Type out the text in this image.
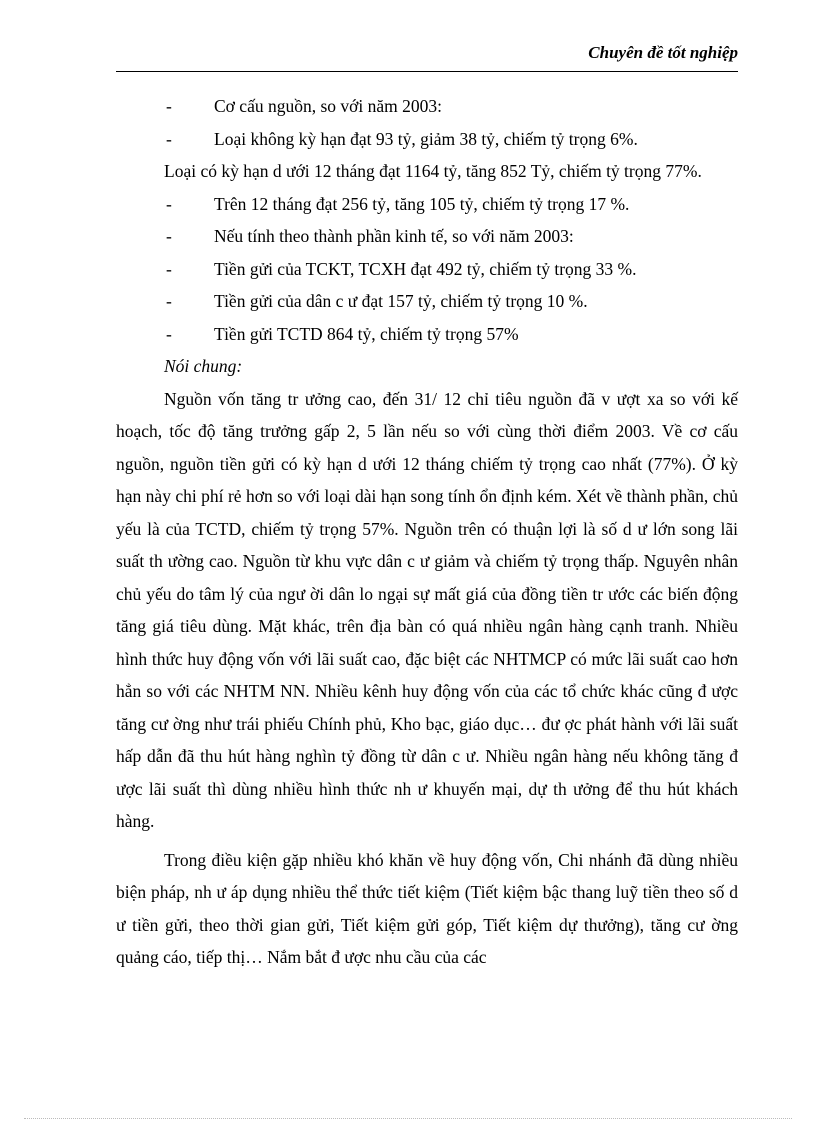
Chuyên đề tốt nghiệp
-	Cơ cấu nguồn, so với năm 2003:
-	Loại không kỳ hạn đạt 93 tỷ, giảm 38 tỷ, chiếm tỷ trọng 6%.
Loại có kỳ hạn d ưới 12 tháng đạt 1164 tỷ, tăng 852 Tỷ, chiếm tỷ trọng 77%.
-	Trên 12 tháng đạt 256 tỷ, tăng 105 tỷ, chiếm tỷ trọng 17 %.
-	Nếu tính theo thành phần kinh tế, so với năm 2003:
-	Tiền gửi của TCKT, TCXH đạt 492 tỷ, chiếm tỷ trọng 33 %.
-	Tiền gửi của dân c ư đạt 157 tỷ, chiếm tỷ trọng 10 %.
-	Tiền gửi TCTD 864 tỷ, chiếm tỷ trọng 57%
Nói chung:
Nguồn vốn tăng tr ưởng cao, đến 31/ 12 chỉ tiêu nguồn đã v ượt xa so với kế hoạch, tốc độ tăng trưởng gấp 2, 5 lần nếu so với cùng thời điểm 2003. Về cơ cấu nguồn, nguồn tiền gửi có kỳ hạn d ưới 12 tháng chiếm tỷ trọng cao nhất (77%). Ở kỳ hạn này chi phí rẻ hơn so với loại dài hạn song tính ổn định kém. Xét về thành phần, chủ yếu là của TCTD, chiếm tỷ trọng 57%. Nguồn trên có thuận lợi là số d ư lớn song lãi suất th ường cao. Nguồn từ khu vực dân c ư giảm và chiếm tỷ trọng thấp. Nguyên nhân chủ yếu do tâm lý của ngư ời dân lo ngại sự mất giá của đồng tiền tr ước các biến động tăng giá tiêu dùng. Mặt khác, trên địa bàn có quá nhiều ngân hàng cạnh tranh. Nhiều hình thức huy động vốn với lãi suất cao, đặc biệt các NHTMCP có mức lãi suất cao hơn hẳn so với các NHTM NN. Nhiều kênh huy động vốn của các tổ chức khác cũng đ ược tăng cư ờng như trái phiếu Chính phủ, Kho bạc, giáo dục… đư ợc phát hành với lãi suất hấp dẫn đã thu hút hàng nghìn tỷ đồng từ dân c ư. Nhiều ngân hàng nếu không tăng đ ược lãi suất thì dùng nhiều hình thức nh ư khuyến mại, dự th ưởng để thu hút khách hàng.
Trong điều kiện gặp nhiều khó khăn về huy động vốn, Chi nhánh đã dùng nhiều biện pháp, nh ư áp dụng nhiều thể thức tiết kiệm (Tiết kiệm bậc thang luỹ tiền theo số d ư tiền gửi, theo thời gian gửi, Tiết kiệm gửi góp, Tiết kiệm dự thưởng), tăng cư ờng quảng cáo, tiếp thị… Nắm bắt đ ược nhu cầu của các
